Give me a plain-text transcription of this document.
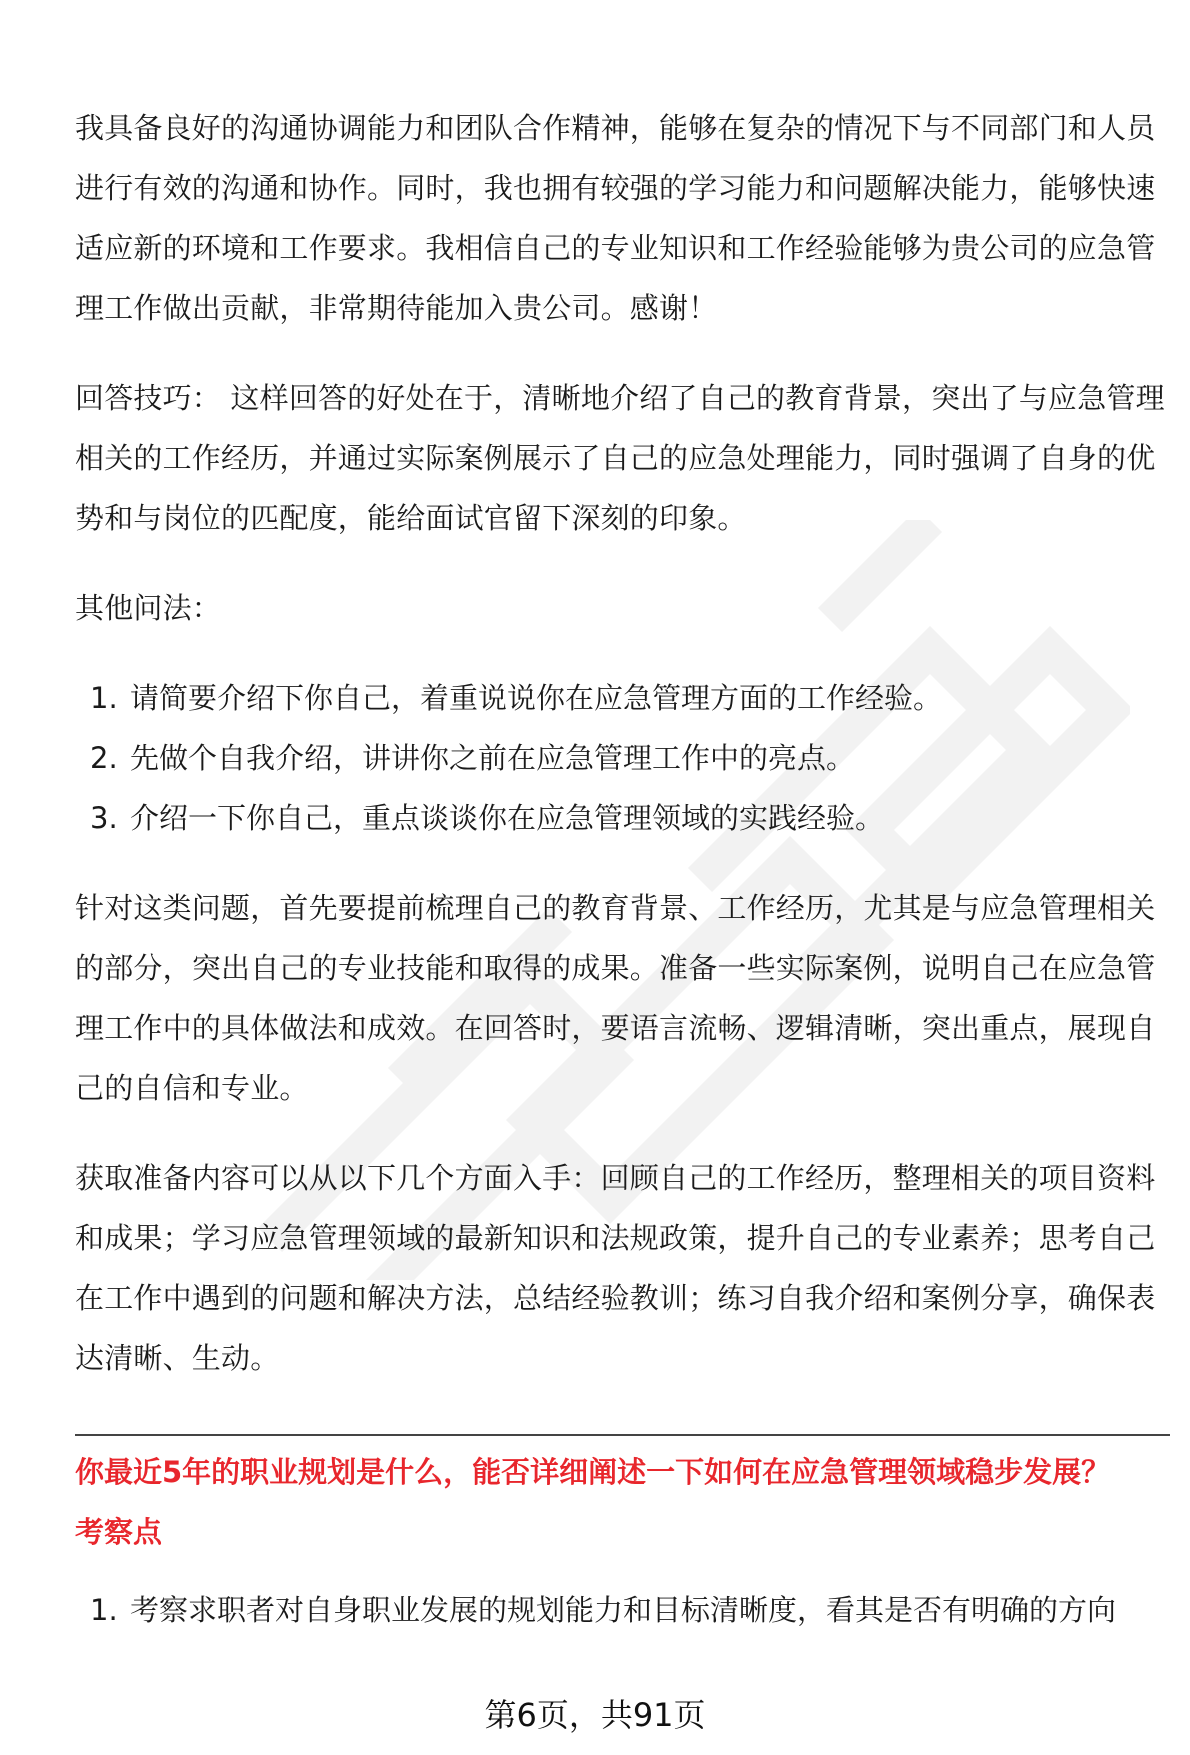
我具备良好的沟通协调能力和团队合作精神，能够在复杂的情况下与不同部门和人员进行有效的沟通和协作。同时，我也拥有较强的学习能力和问题解决能力，能够快速适应新的环境和工作要求。我相信自己的专业知识和工作经验能够为贵公司的应急管理工作做出贡献，非常期待能加入贵公司。感谢！

回答技巧： 这样回答的好处在于，清晰地介绍了自己的教育背景，突出了与应急管理相关的工作经历，并通过实际案例展示了自己的应急处理能力，同时强调了自身的优势和与岗位的匹配度，能给面试官留下深刻的印象。

其他问法：

1. 请简要介绍下你自己，着重说说你在应急管理方面的工作经验。
2. 先做个自我介绍，讲讲你之前在应急管理工作中的亮点。
3. 介绍一下你自己，重点谈谈你在应急管理领域的实践经验。

针对这类问题，首先要提前梳理自己的教育背景、工作经历，尤其是与应急管理相关的部分，突出自己的专业技能和取得的成果。准备一些实际案例，说明自己在应急管理工作中的具体做法和成效。在回答时，要语言流畅、逻辑清晰，突出重点，展现自己的自信和专业。

获取准备内容可以从以下几个方面入手：回顾自己的工作经历，整理相关的项目资料和成果；学习应急管理领域的最新知识和法规政策，提升自己的专业素养；思考自己在工作中遇到的问题和解决方法，总结经验教训；练习自我介绍和案例分享，确保表达清晰、生动。

你最近5年的职业规划是什么，能否详细阐述一下如何在应急管理领域稳步发展？

考察点

1. 考察求职者对自身职业发展的规划能力和目标清晰度，看其是否有明确的方向
第6页，共91页
